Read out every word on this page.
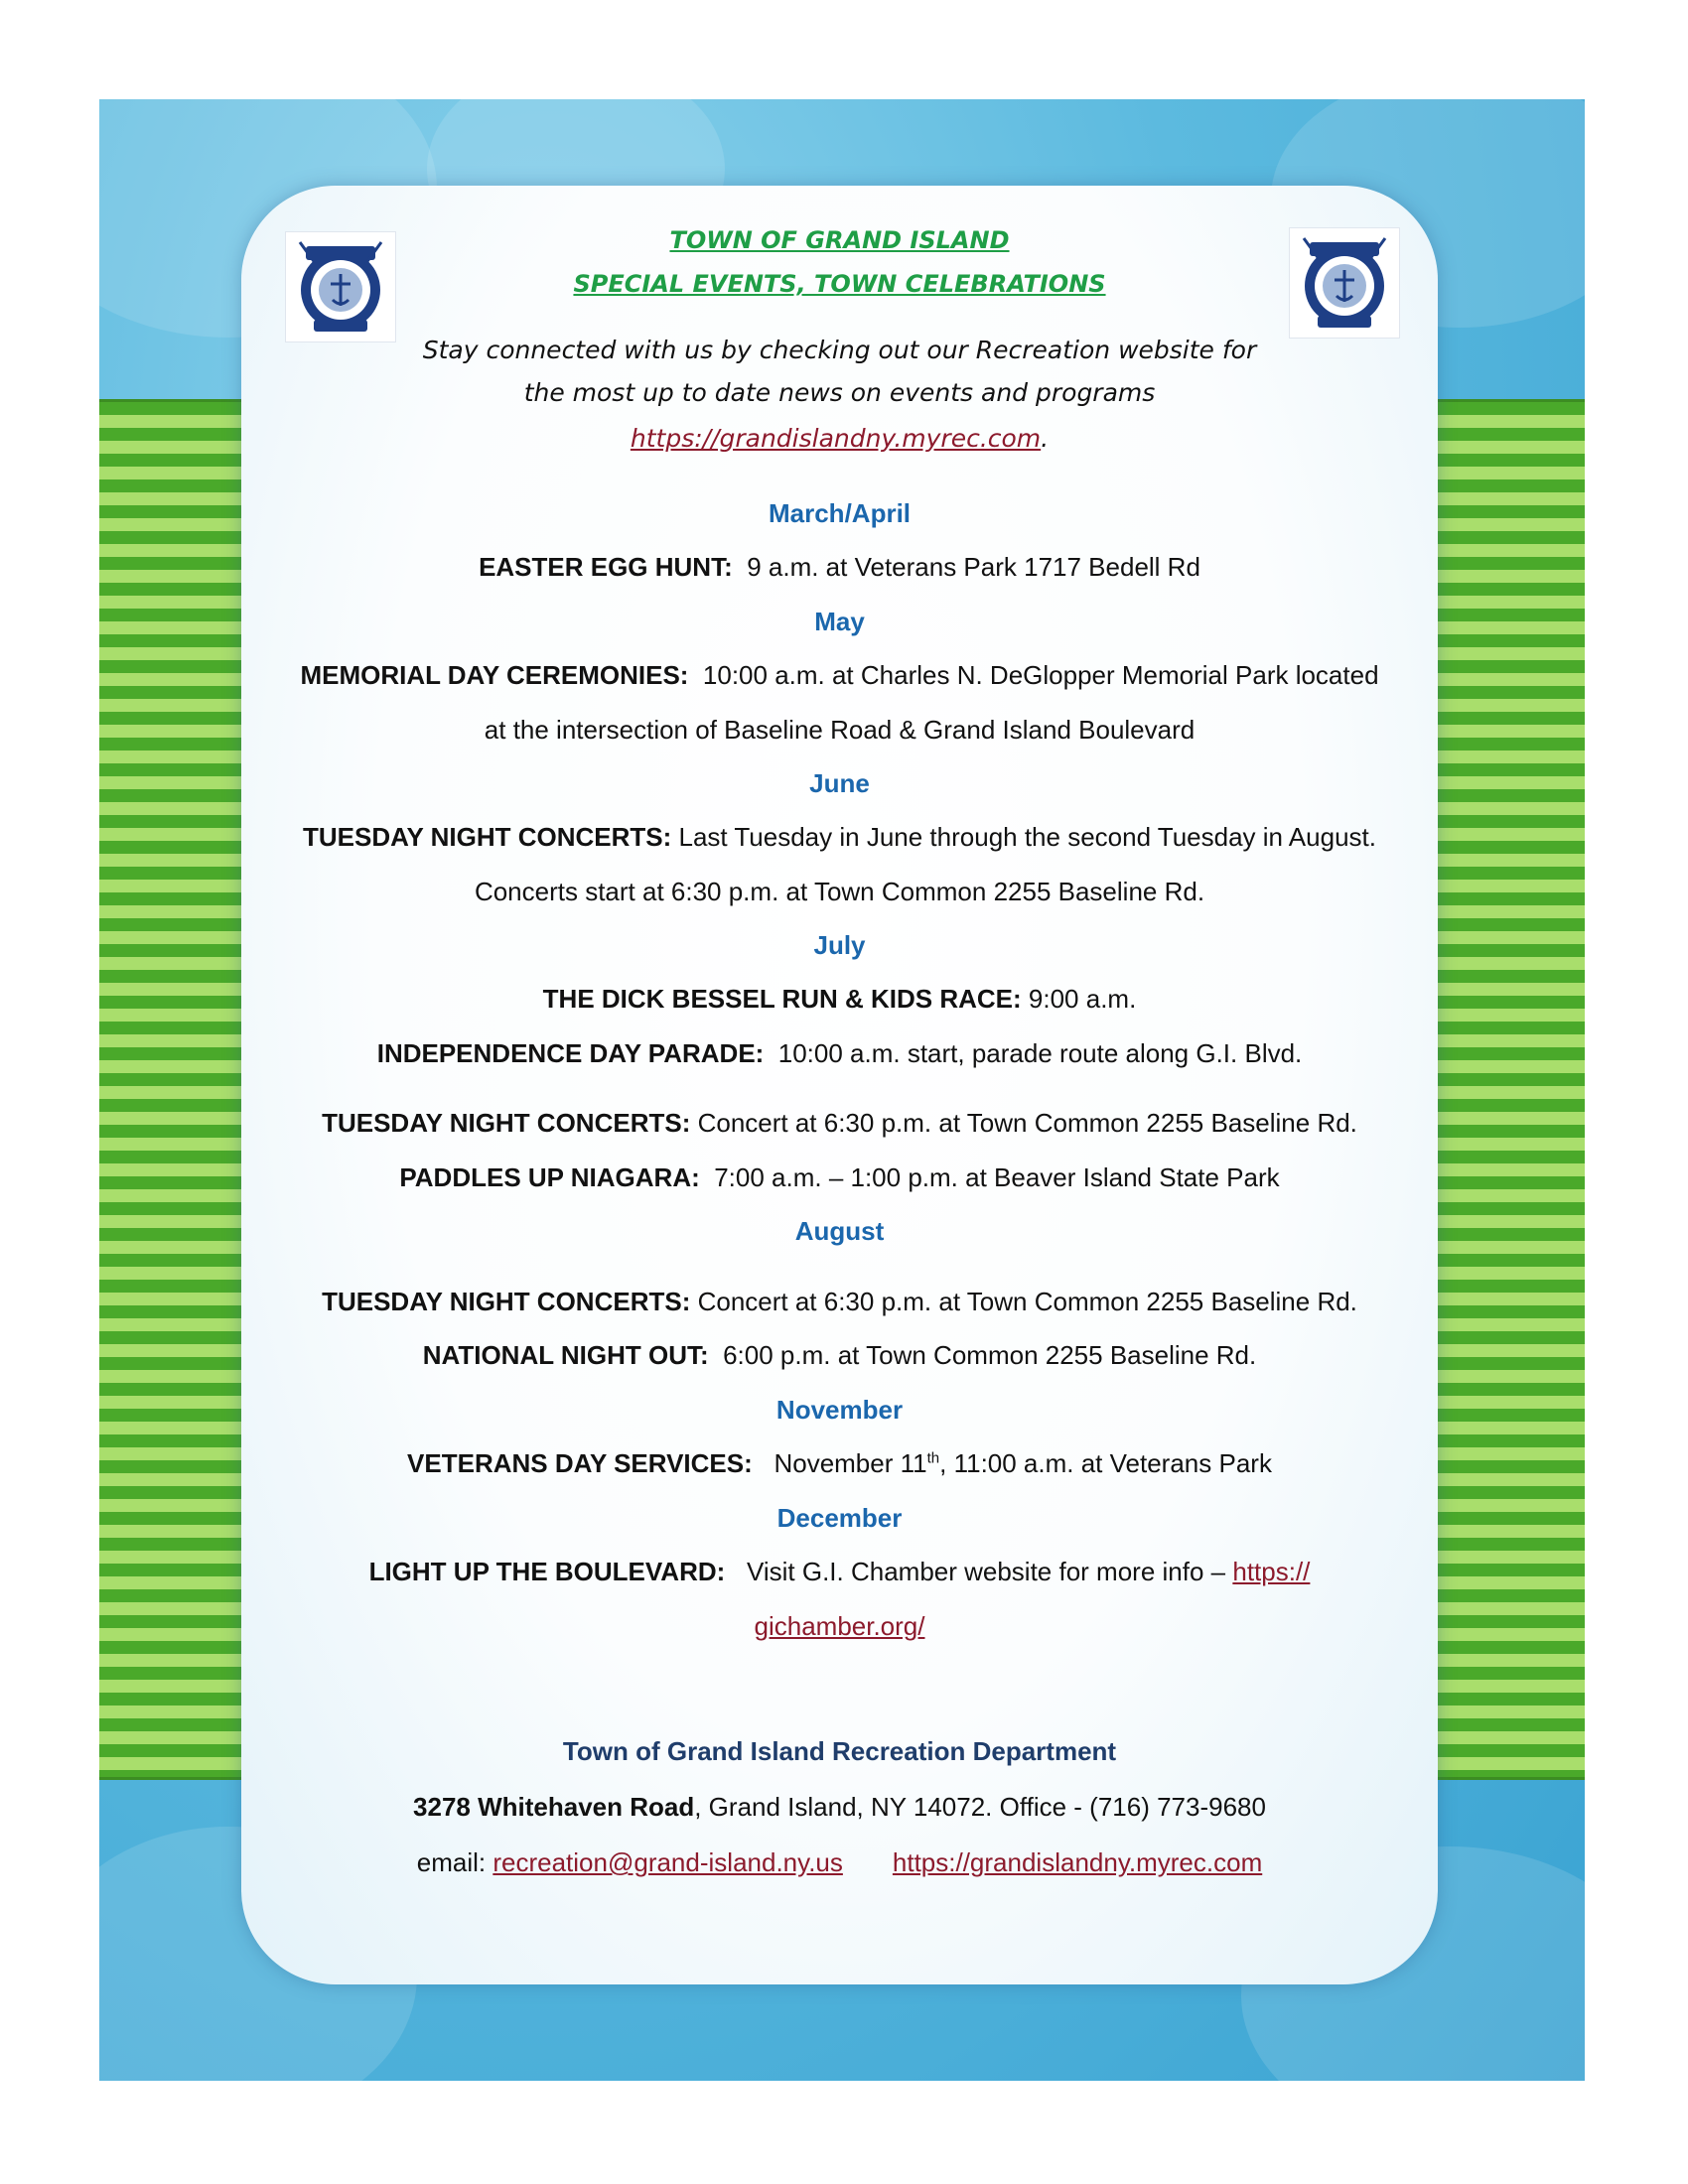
TOWN OF GRAND ISLAND
SPECIAL EVENTS, TOWN CELEBRATIONS
Stay connected with us by checking out our Recreation website for
the most up to date news on events and programs
https://grandislandny.myrec.com.
March/April
EASTER EGG HUNT:  9 a.m. at Veterans Park 1717 Bedell Rd
May
MEMORIAL DAY CEREMONIES:  10:00 a.m. at Charles N. DeGlopper Memorial Park located
at the intersection of Baseline Road & Grand Island Boulevard
June
TUESDAY NIGHT CONCERTS: Last Tuesday in June through the second Tuesday in August.
Concerts start at 6:30 p.m. at Town Common 2255 Baseline Rd.
July
THE DICK BESSEL RUN & KIDS RACE: 9:00 a.m.
INDEPENDENCE DAY PARADE:  10:00 a.m. start, parade route along G.I. Blvd.
TUESDAY NIGHT CONCERTS: Concert at 6:30 p.m. at Town Common 2255 Baseline Rd.
PADDLES UP NIAGARA:  7:00 a.m. – 1:00 p.m. at Beaver Island State Park
August
TUESDAY NIGHT CONCERTS: Concert at 6:30 p.m. at Town Common 2255 Baseline Rd.
NATIONAL NIGHT OUT:  6:00 p.m. at Town Common 2255 Baseline Rd.
November
VETERANS DAY SERVICES:   November 11th, 11:00 a.m. at Veterans Park
December
LIGHT UP THE BOULEVARD:   Visit G.I. Chamber website for more info – https://
gichamber.org/
Town of Grand Island Recreation Department
3278 Whitehaven Road, Grand Island, NY 14072. Office - (716) 773-9680
email: recreation@grand-island.ny.us https://grandislandny.myrec.com
